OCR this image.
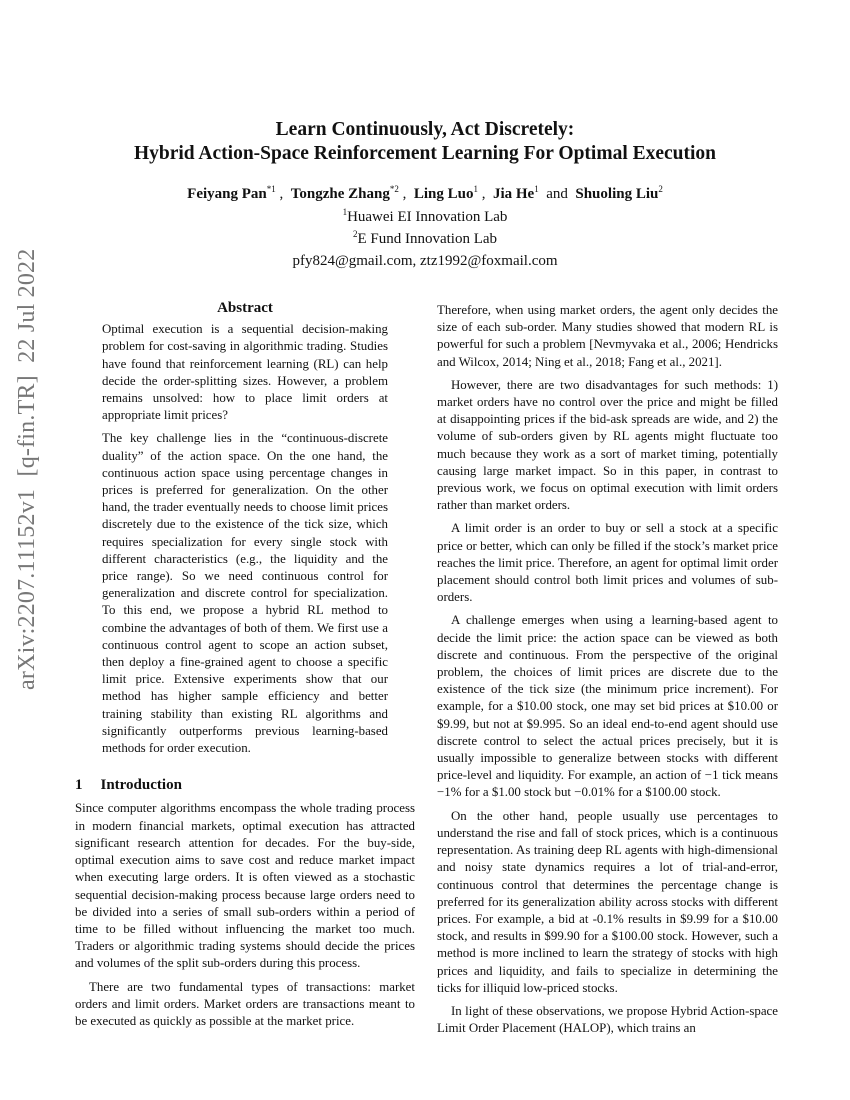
Learn Continuously, Act Discretely:
Hybrid Action-Space Reinforcement Learning For Optimal Execution
Feiyang Pan$^{*1}$ ,  Tongzhe Zhang$^{*2}$ ,  Ling Luo$^1$ ,  Jia He$^1$ and Shuoling Liu$^2$
$^1$Huawei EI Innovation Lab
$^2$E Fund Innovation Lab
pfy824@gmail.com, ztz1992@foxmail.com
arXiv:2207.11152v1  [q-fin.TR]  22 Jul 2022	Abstract

Optimal execution is a sequential decision-making problem for cost-saving in algorithmic trading. Studies have found that reinforcement learning (RL) can help decide the order-splitting sizes. However, a problem remains unsolved: how to place limit orders at appropriate limit prices?

The key challenge lies in the “continuous-discrete duality” of the action space. On the one hand, the continuous action space using percentage changes in prices is preferred for generalization. On the other hand, the trader eventually needs to choose limit prices discretely due to the existence of the tick size, which requires specialization for every single stock with different characteristics (e.g., the liquidity and the price range). So we need continuous control for generalization and discrete control for specialization. To this end, we propose a hybrid RL method to combine the advantages of both of them. We first use a continuous control agent to scope an action subset, then deploy a fine-grained agent to choose a specific limit price. Extensive experiments show that our method has higher sample efficiency and better training stability than existing RL algorithms and significantly outperforms previous learning-based methods for order execution.

1 Introduction

Since computer algorithms encompass the whole trading process in modern financial markets, optimal execution has attracted significant research attention for decades. For the buy-side, optimal execution aims to save cost and reduce market impact when executing large orders. It is often viewed as a stochastic sequential decision-making process because large orders need to be divided into a series of small sub-orders within a period of time to be filled without influencing the market too much. Traders or algorithmic trading systems should decide the prices and volumes of the split sub-orders during this process.

There are two fundamental types of transactions: market orders and limit orders. Market orders are transactions meant to be executed as quickly as possible at the market price.

Therefore, when using market orders, the agent only decides the size of each sub-order. Many studies showed that modern RL is powerful for such a problem [Nevmyvaka et al., 2006; Hendricks and Wilcox, 2014; Ning et al., 2018; Fang et al., 2021].

However, there are two disadvantages for such methods: 1) market orders have no control over the price and might be filled at disappointing prices if the bid-ask spreads are wide, and 2) the volume of sub-orders given by RL agents might fluctuate too much because they work as a sort of market timing, potentially causing large market impact. So in this paper, in contrast to previous work, we focus on optimal execution with limit orders rather than market orders.

A limit order is an order to buy or sell a stock at a specific price or better, which can only be filled if the stock’s market price reaches the limit price. Therefore, an agent for optimal limit order placement should control both limit prices and volumes of sub-orders.

A challenge emerges when using a learning-based agent to decide the limit price: the action space can be viewed as both discrete and continuous. From the perspective of the original problem, the choices of limit prices are discrete due to the existence of the tick size (the minimum price increment). For example, for a $10.00 stock, one may set bid prices at $10.00 or $9.99, but not at $9.995. So an ideal end-to-end agent should use discrete control to select the actual prices precisely, but it is usually impossible to generalize between stocks with different price-level and liquidity. For example, an action of −1 tick means −1% for a $1.00 stock but −0.01% for a $100.00 stock.

On the other hand, people usually use percentages to understand the rise and fall of stock prices, which is a continuous representation. As training deep RL agents with high-dimensional and noisy state dynamics requires a lot of trial-and-error, continuous control that determines the percentage change is preferred for its generalization ability across stocks with different prices. For example, a bid at -0.1% results in $9.99 for a $10.00 stock, and results in $99.90 for a $100.00 stock. However, such a method is more inclined to learn the strategy of stocks with high prices and liquidity, and fails to specialize in determining the ticks for illiquid low-priced stocks.

In light of these observations, we propose Hybrid Action-space Limit Order Placement (HALOP), which trains an
